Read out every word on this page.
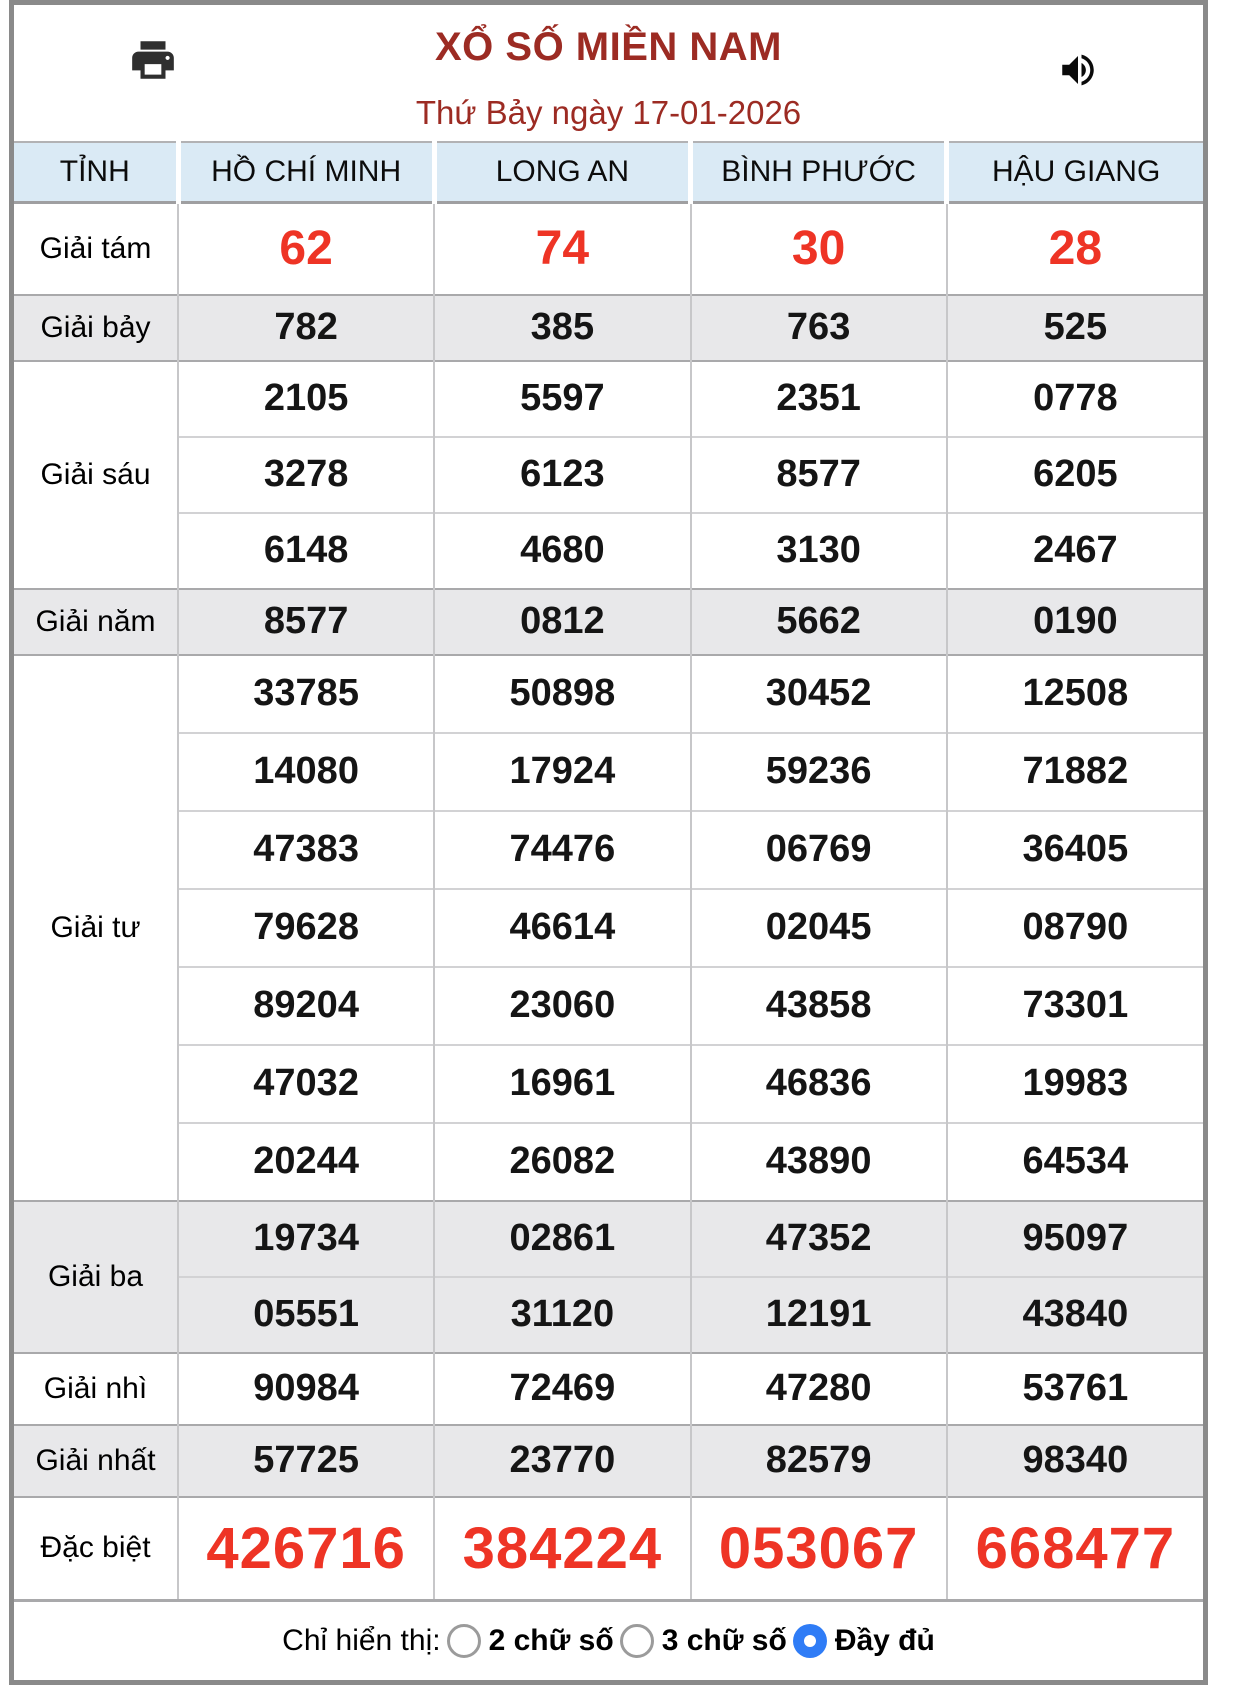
XỔ SỐ MIỀN NAM
Thứ Bảy ngày 17-01-2026
TỈNH	HỒ CHÍ MINH	LONG AN	BÌNH PHƯỚC	HẬU GIANG
Giải tám	62	74	30	28
Giải bảy	782	385	763	525
Giải sáu	2105	5597	2351	0778
	3278	6123	8577	6205
	6148	4680	3130	2467
Giải năm	8577	0812	5662	0190
Giải tư	33785	50898	30452	12508
	14080	17924	59236	71882
	47383	74476	06769	36405
	79628	46614	02045	08790
	89204	23060	43858	73301
	47032	16961	46836	19983
	20244	26082	43890	64534
Giải ba	19734	02861	47352	95097
	05551	31120	12191	43840
Giải nhì	90984	72469	47280	53761
Giải nhất	57725	23770	82579	98340
Đặc biệt	426716	384224	053067	668477
Chỉ hiển thị: 2 chữ số 3 chữ số Đầy đủ
